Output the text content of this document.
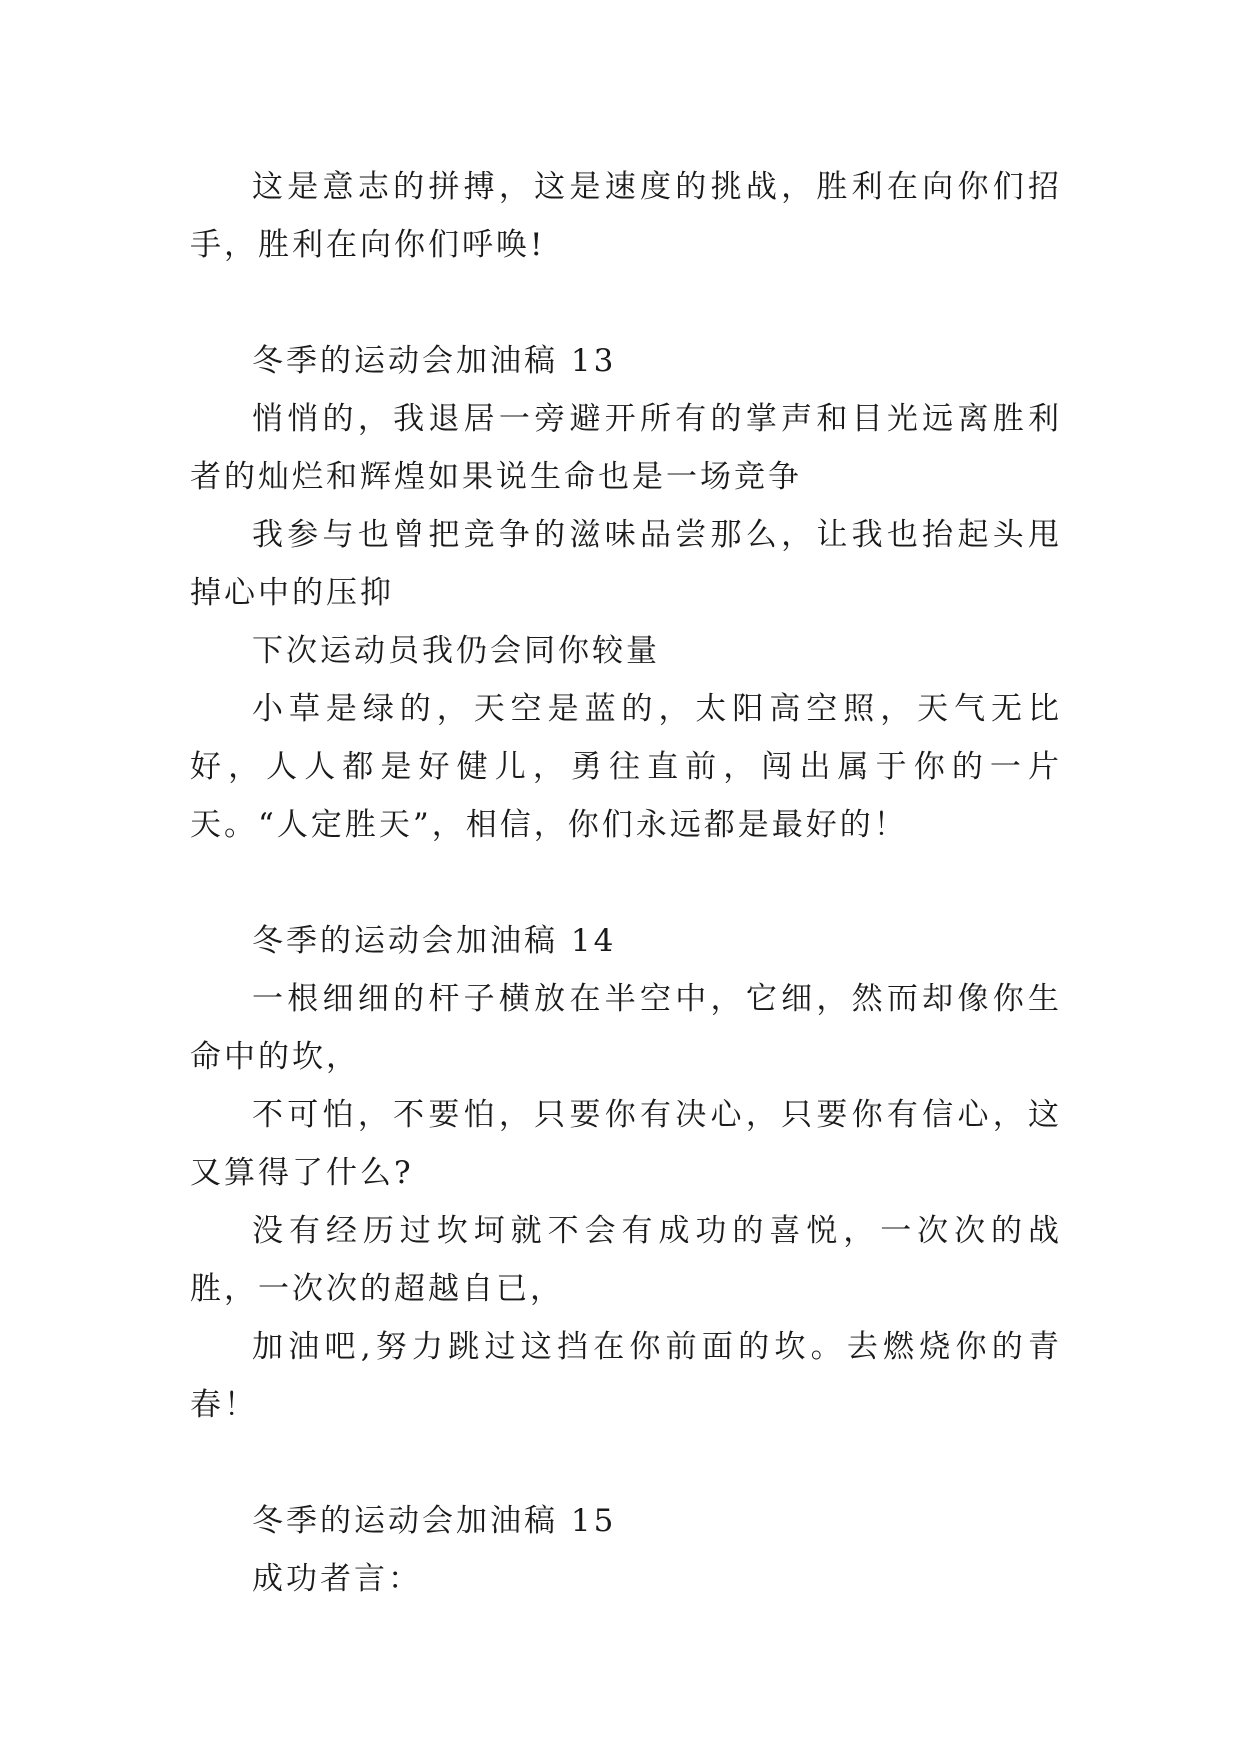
这是意志的拼搏，这是速度的挑战，胜利在向你们招手，胜利在向你们呼唤!

冬季的运动会加油稿 13

悄悄的，我退居一旁避开所有的掌声和目光远离胜利者的灿烂和辉煌如果说生命也是一场竞争

我参与也曾把竞争的滋味品尝那么，让我也抬起头甩掉心中的压抑

下次运动员我仍会同你较量

小草是绿的，天空是蓝的，太阳高空照，天气无比好，人人都是好健儿，勇往直前，闯出属于你的一片天。“人定胜天”，相信，你们永远都是最好的！

冬季的运动会加油稿 14

一根细细的杆子横放在半空中，它细，然而却像你生命中的坎，

不可怕，不要怕，只要你有决心，只要你有信心，这又算得了什么?

没有经历过坎坷就不会有成功的喜悦，一次次的战胜，一次次的超越自已，

加油吧,努力跳过这挡在你前面的坎。去燃烧你的青春！

冬季的运动会加油稿 15

成功者言：
